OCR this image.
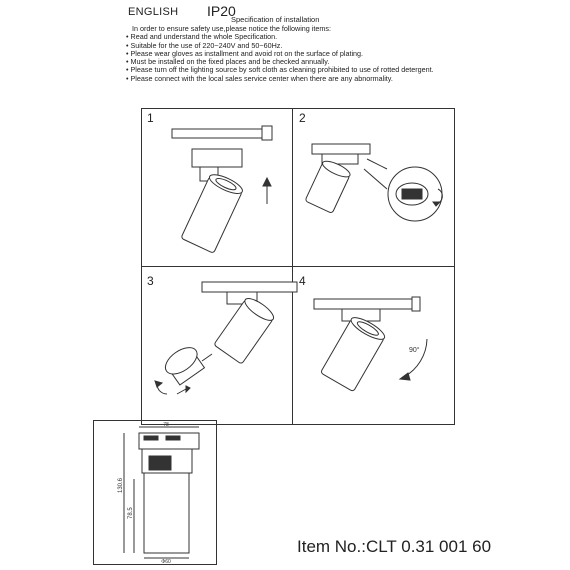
ENGLISH IP20
Specification of installation
In order to ensure safety use,please notice the following items:
• Read and understand the whole Specification.
• Suitable for the use of 220~240V and 50~60Hz.
• Please wear gloves as installment and avoid rot on the surface of plating.
• Must be installed on the fixed places and be checked annually.
• Please turn off the lighting source by soft cloth as cleaning prohibited to use of rotted detergent.
• Please connect with the local sales service center when there are any abnormality.
1	2
3	4
90°
78
130.6
78.5
Φ60
Item No.:CLT 0.31 001 60
